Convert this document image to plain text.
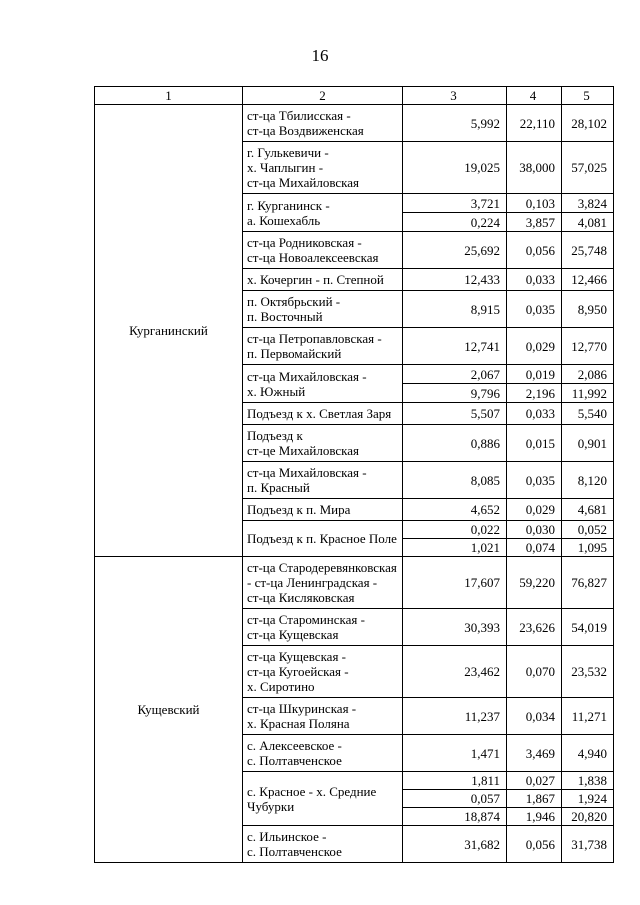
16
1	2	3	4	5
Курганинский	ст-ца Тбилисская -
ст-ца Воздвиженская	5,992	22,110	28,102

	г. Гулькевичи -
х. Чаплыгин -
ст-ца Михайловская	19,025	38,000	57,025

	г. Курганинск -
а. Кошехабль	3,721	0,103	3,824
		0,224	3,857	4,081

	ст-ца Родниковская -
ст-ца Новоалексеевская	25,692	0,056	25,748

	х. Кочергин - п. Степной	12,433	0,033	12,466

	п. Октябрьский -
п. Восточный	8,915	0,035	8,950

	ст-ца Петропавловская -
п. Первомайский	12,741	0,029	12,770

	ст-ца Михайловская -
х. Южный	2,067	0,019	2,086
		9,796	2,196	11,992

	Подъезд к х. Светлая Заря	5,507	0,033	5,540

	Подъезд к
ст-це Михайловская	0,886	0,015	0,901

	ст-ца Михайловская -
п. Красный	8,085	0,035	8,120

	Подъезд к п. Мира	4,652	0,029	4,681

	Подъезд к п. Красное Поле	0,022	0,030	0,052
		1,021	0,074	1,095
Кущевский	ст-ца Стародеревянковская
- ст-ца Ленинградская -
ст-ца Кисляковская	17,607	59,220	76,827

	ст-ца Староминская -
ст-ца Кущевская	30,393	23,626	54,019

	ст-ца Кущевская -
ст-ца Кугоейская -
х. Сиротино	23,462	0,070	23,532

	ст-ца Шкуринская -
х. Красная Поляна	11,237	0,034	11,271

	с. Алексеевское -
с. Полтавченское	1,471	3,469	4,940

	с. Красное - х. Средние
Чубурки	1,811	0,027	1,838
		0,057	1,867	1,924
		18,874	1,946	20,820

	с. Ильинское -
с. Полтавченское	31,682	0,056	31,738
